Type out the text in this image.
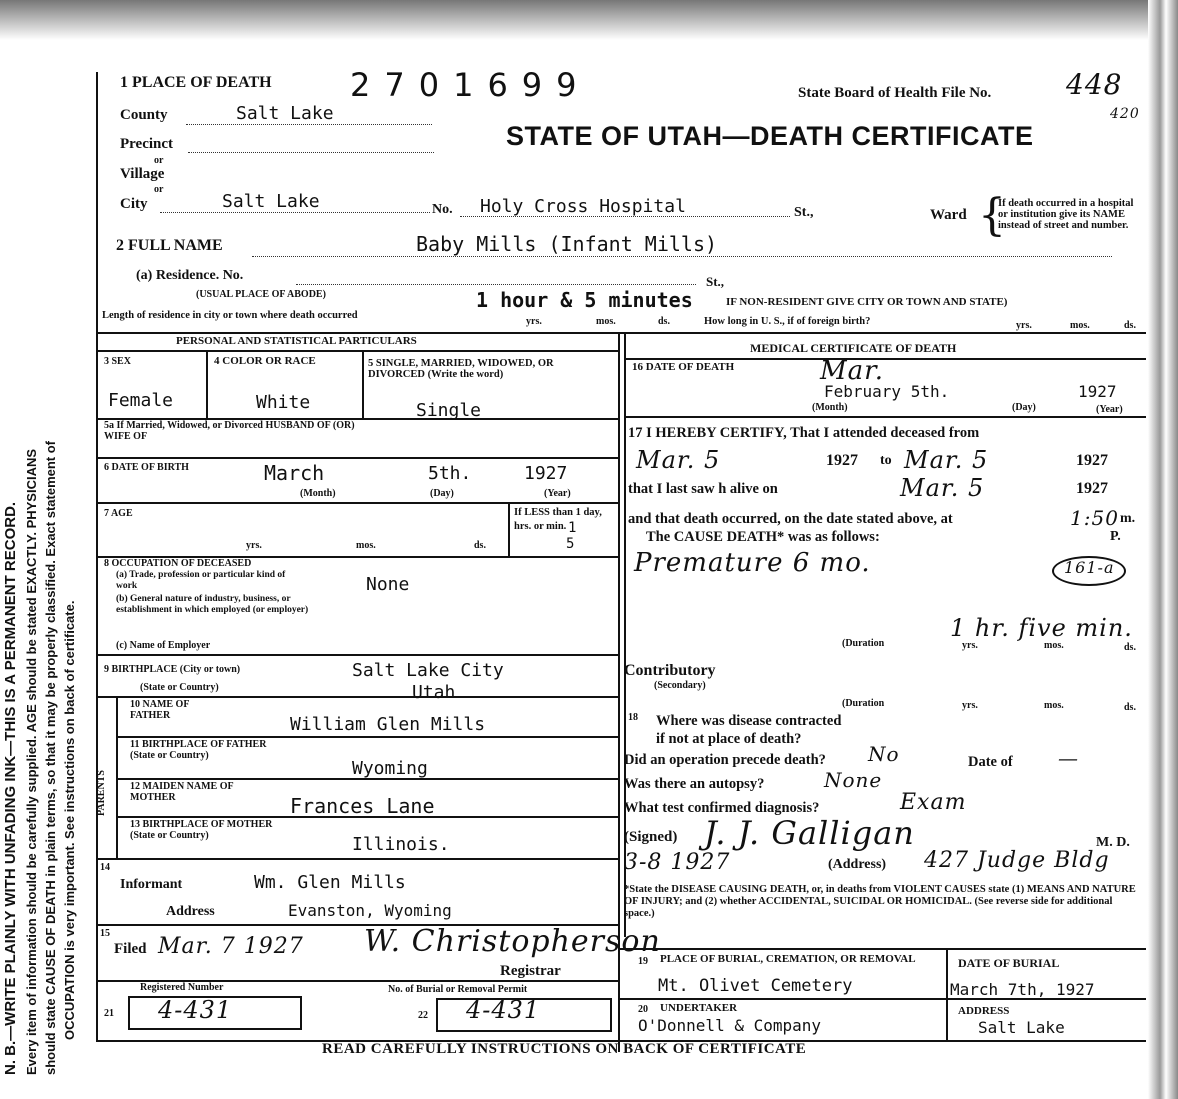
N. B.—WRITE PLAINLY WITH UNFADING INK—THIS IS A PERMANENT RECORD. Every item of information should be carefully supplied. AGE should be stated EXACTLY. PHYSICIANS should state CAUSE OF DEATH in plain terms, so that it may be properly classified. Exact statement of OCCUPATION is very important. See instructions on back of certificate.
1 PLACE OF DEATH 2701699	State Board of Health File No.	448
420
STATE OF UTAH—DEATH CERTIFICATE
County	Salt Lake
Precinct
or
Village
or
City	Salt Lake	No. Holy Cross Hospital	St.,	Ward {
If death occurred in a hospital or institution give its NAME instead of street and number.
2 FULL NAME	Baby Mills (Infant Mills)
(a) Residence. No.	St.,
(USUAL PLACE OF ABODE)
IF NON-RESIDENT GIVE CITY OR TOWN AND STATE)
1 hour & 5 minutes
Length of residence in city or town where death occurred
yrs.	mos.	ds.	How long in U. S., if of foreign birth?	yrs.	mos.	ds.
PERSONAL AND STATISTICAL PARTICULARS
3 SEX	4 COLOR OR RACE	5 SINGLE, MARRIED, WIDOWED, OR DIVORCED (Write the word)
Female	White	Single
5a If Married, Widowed, or Divorced HUSBAND OF (OR) WIFE OF
6 DATE OF BIRTH	March	5th.	1927
(Month)	(Day)	(Year)
7 AGE	If LESS than 1 day, hrs. or min. 1
5
yrs.	mos.	ds.
8 OCCUPATION OF DECEASED
(a) Trade, profession or particular kind of work	None
(b) General nature of industry, business, or establishment in which employed (or employer)
(c) Name of Employer
9 BIRTHPLACE (City or town)	Salt Lake City
(State or Country)	Utah
PARENTS
10 NAME OF FATHER	William Glen Mills
11 BIRTHPLACE OF FATHER (State or Country)
Wyoming
12 MAIDEN NAME OF MOTHER	Frances Lane
13 BIRTHPLACE OF MOTHER (State or Country)	Illinois.
14
Informant	Wm. Glen Mills
Address	Evanston, Wyoming
15
Filed Mar. 7 1927 W. Christopherson
Registrar
Registered Number	No. of Burial or Removal Permit
21 4-431	22 4-431
MEDICAL CERTIFICATE OF DEATH
16 DATE OF DEATH	Mar.
February 5th.	1927
(Month)	(Day)	(Year)
17 I HEREBY CERTIFY, That I attended deceased from
Mar. 5	1927 to Mar. 5	1927
that I last saw h alive on	Mar. 5	1927
and that death occurred, on the date stated above, at	1:50 m.
The CAUSE DEATH* was as follows:	P.
Premature 6 mo.	161-a
1 hr. five min.
(Duration	yrs.	mos.	ds.
Contributory
(Secondary)
(Duration	yrs.	mos.	ds.
18 Where was disease contracted
if not at place of death?
Did an operation precede death? No	Date of —
Was there an autopsy?	None
What test confirmed diagnosis?	Exam
(Signed) J. J. Galligan	M. D.
3-8 1927	(Address) 427 Judge Bldg
*State the DISEASE CAUSING DEATH, or, in deaths from VIOLENT CAUSES state (1) MEANS AND NATURE OF INJURY; and (2) whether ACCIDENTAL, SUICIDAL OR HOMICIDAL. (See reverse side for additional space.)
19 PLACE OF BURIAL, CREMATION, OR REMOVAL
Mt. Olivet Cemetery
DATE OF BURIAL
March 7th, 1927
20 UNDERTAKER
O'Donnell & Company
ADDRESS
Salt Lake
READ CAREFULLY INSTRUCTIONS ON BACK OF CERTIFICATE
